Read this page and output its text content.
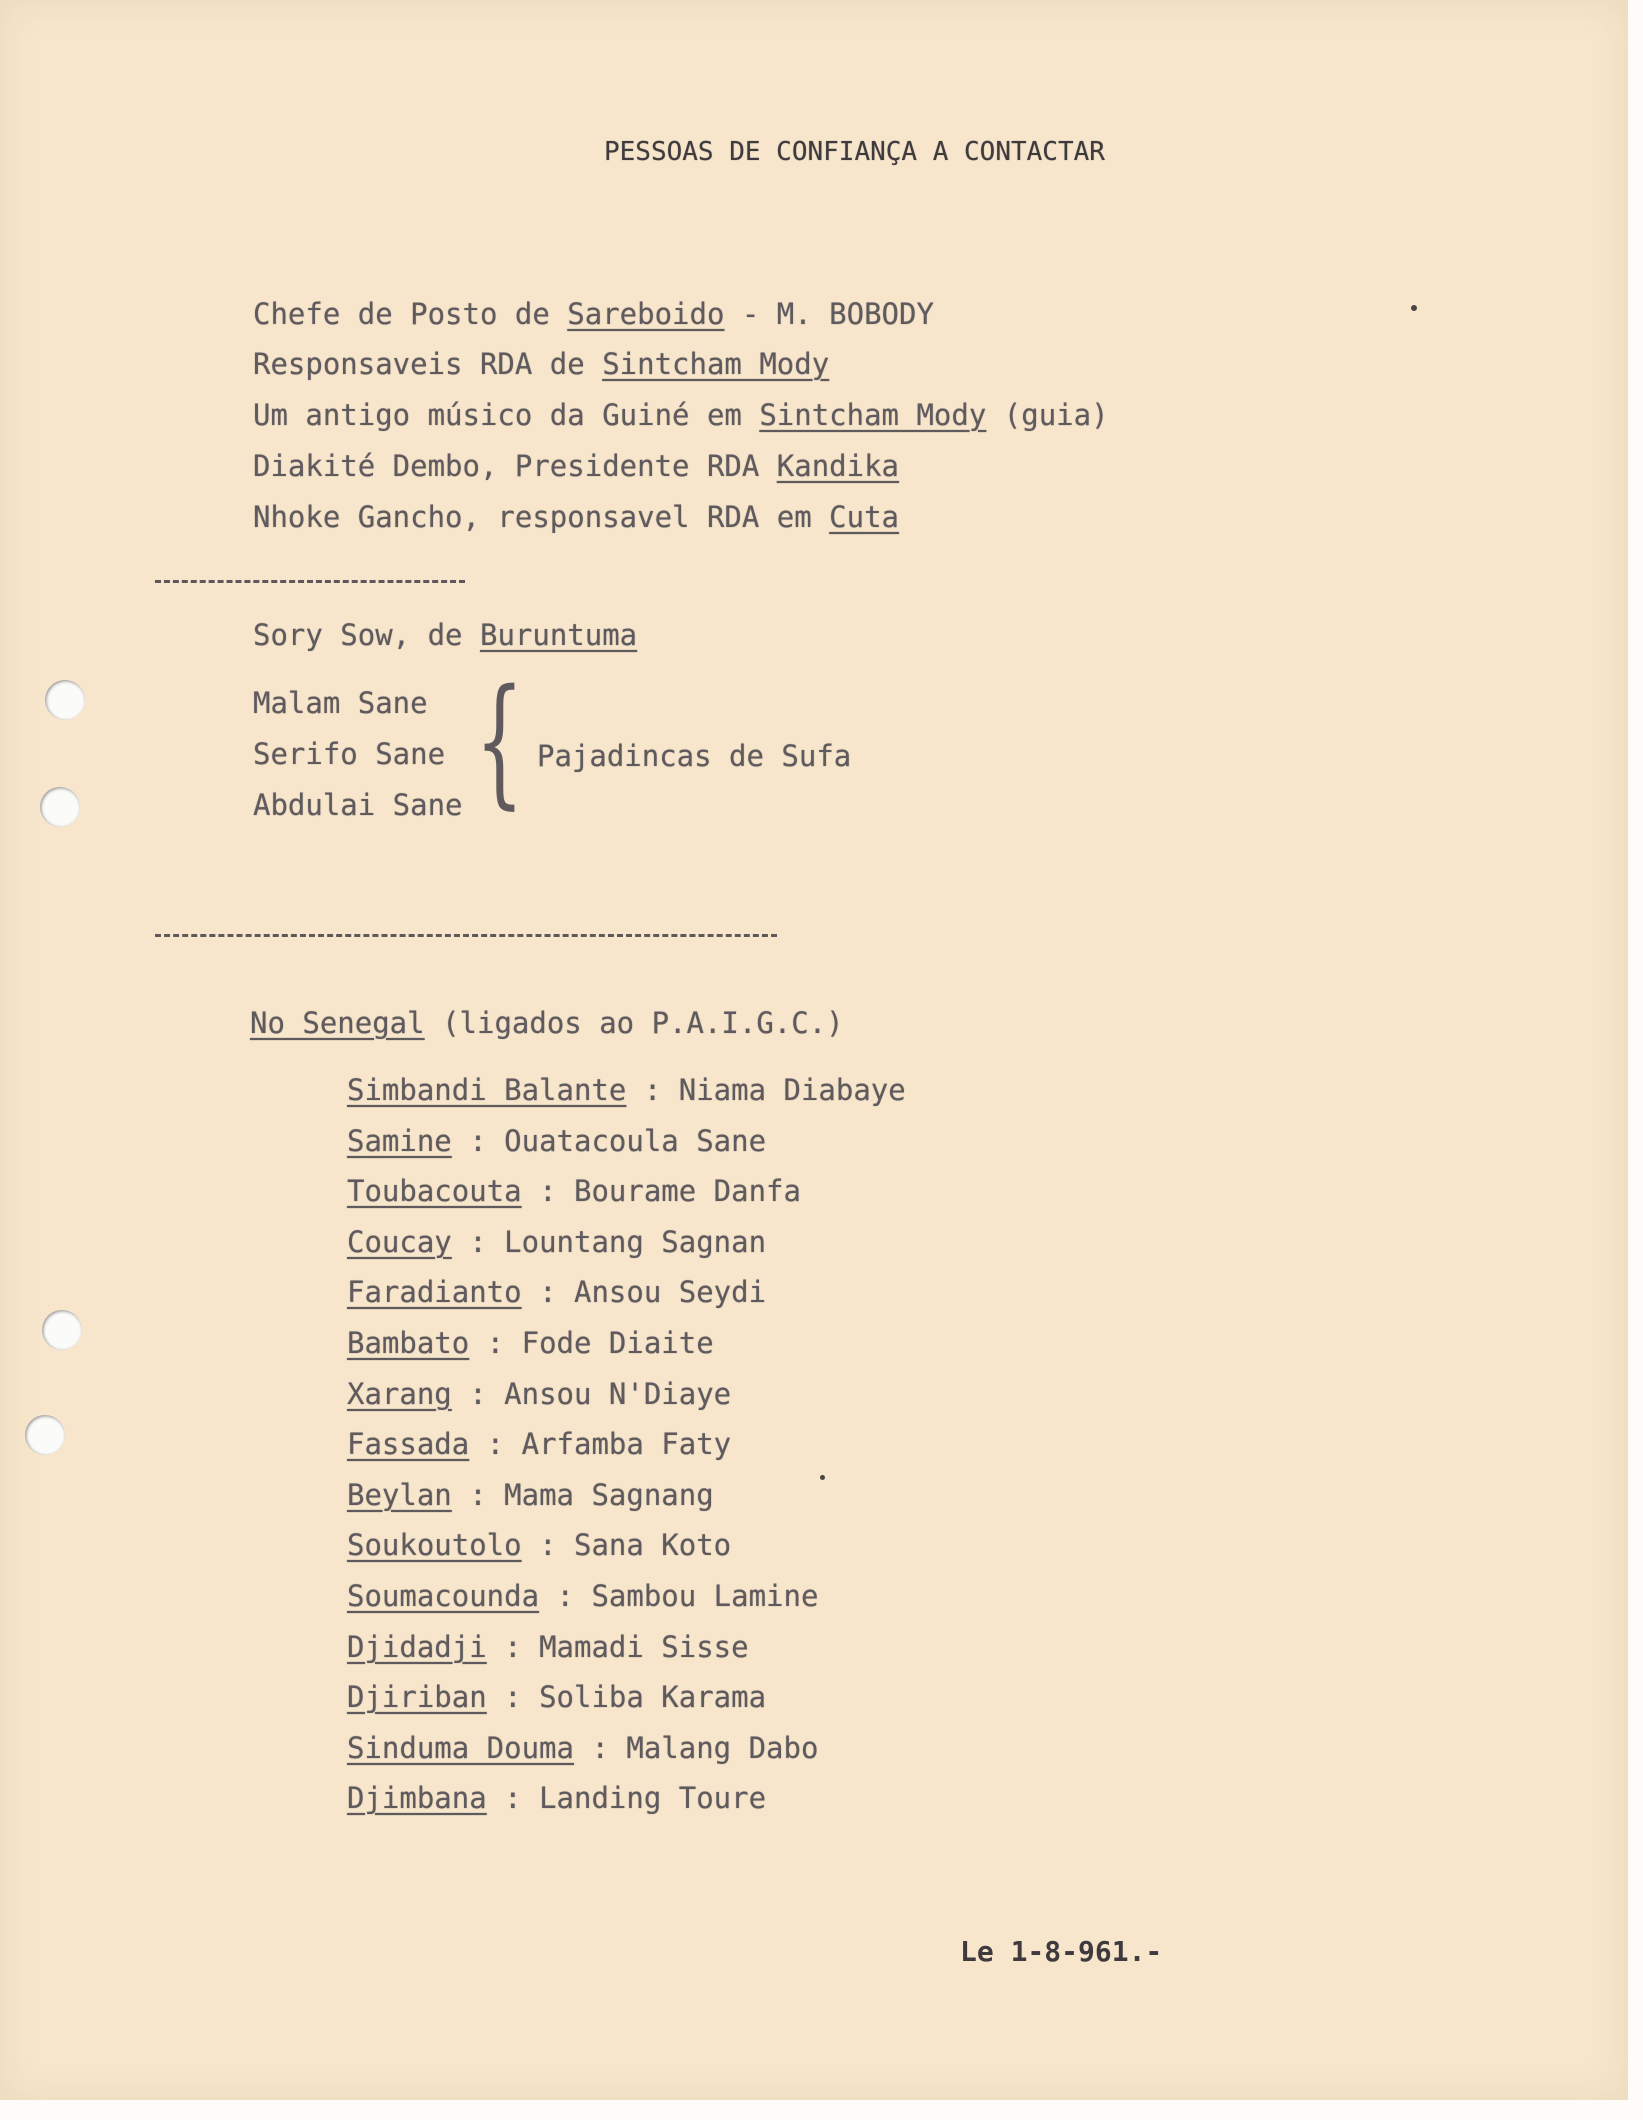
PESSOAS DE CONFIANÇA A CONTACTAR
Chefe de Posto de Sareboido - M. BOBODY
Responsaveis RDA de Sintcham Mody
Um antigo músico da Guiné em Sintcham Mody (guia)
Diakité Dembo, Presidente RDA Kandika
Nhoke Gancho, responsavel RDA em Cuta
Sory Sow, de Buruntuma
Malam Sane
Serifo Sane
Abdulai Sane { Pajadincas de Sufa
No Senegal (ligados ao P.A.I.G.C.)
Simbandi Balante : Niama Diabaye
Samine : Ouatacoula Sane
Toubacouta : Bourame Danfa
Coucay : Lountang Sagnan
Faradianto : Ansou Seydi
Bambato : Fode Diaite
Xarang : Ansou N'Diaye
Fassada : Arfamba Faty
Beylan : Mama Sagnang
Soukoutolo : Sana Koto
Soumacounda : Sambou Lamine
Djidadji : Mamadi Sisse
Djiriban : Soliba Karama
Sinduma Douma : Malang Dabo
Djimbana : Landing Toure
Le 1-8-961.-
